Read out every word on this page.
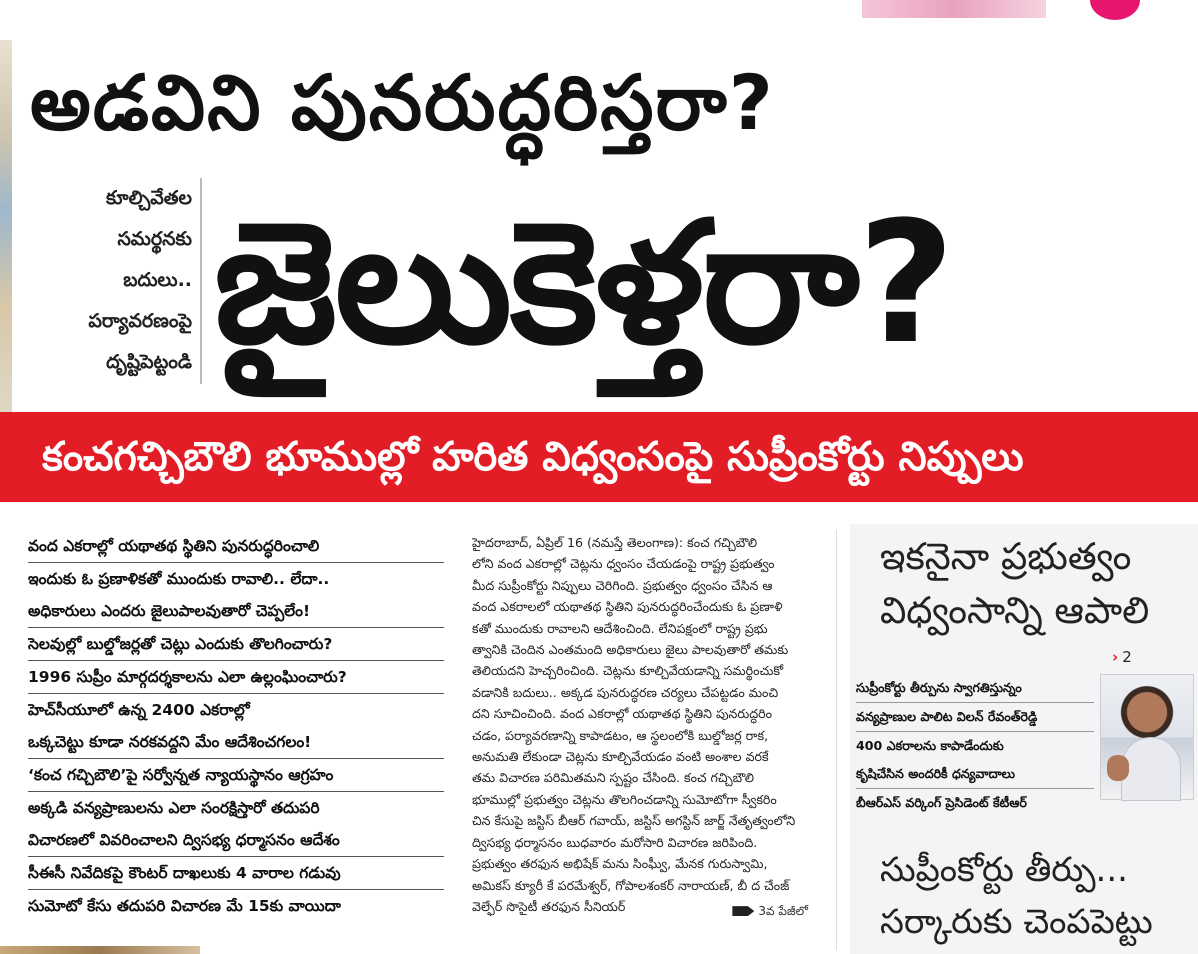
అడవిని పునరుద్ధరిస్తరా?
కూల్చివేతల
సమర్థనకు
బదులు..
పర్యావరణంపై
దృష్టిపెట్టండి జైలుకెళ్తరా?
కంచగచ్చిబౌలి భూముల్లో హరిత విధ్వంసంపై సుప్రీంకోర్టు నిప్పులు
వంద ఎకరాల్లో యథాతథ స్థితిని పునరుద్ధరించాలి
ఇందుకు ఓ ప్రణాళికతో ముందుకు రావాలి.. లేదా..
అధికారులు ఎందరు జైలుపాలవుతారో చెప్పలేం!
సెలవుల్లో బుల్డోజర్లతో చెట్లు ఎందుకు తొలగించారు?
1996 సుప్రీం మార్గదర్శకాలను ఎలా ఉల్లంఘించారు?
హెచ్‌సీయూలో ఉన్న 2400 ఎకరాల్లో
ఒక్కచెట్టు కూడా నరకవద్దని మేం ఆదేశించగలం!
‘కంచ గచ్చిబౌలి’పై సర్వోన్నత న్యాయస్థానం ఆగ్రహం
అక్కడి వన్యప్రాణులను ఎలా సంరక్షిస్తారో తదుపరి
విచారణలో వివరించాలని ద్విసభ్య ధర్మాసనం ఆదేశం
సీఈసీ నివేదికపై కౌంటర్ దాఖలుకు 4 వారాల గడువు
సుమోటో కేసు తదుపరి విచారణ మే 15కు వాయిదా
హైదరాబాద్, ఏప్రిల్ 16 (నమస్తే తెలంగాణ): కంచ గచ్చిబౌలి
లోని వంద ఎకరాల్లో చెట్లను ధ్వంసం చేయడంపై రాష్ట్ర ప్రభుత్వం
మీద సుప్రీంకోర్టు నిప్పులు చెరిగింది. ప్రభుత్వం ధ్వంసం చేసిన ఆ
వంద ఎకరాలలో యథాతథ స్థితిని పునరుద్ధరించేందుకు ఓ ప్రణాళి
కతో ముందుకు రావాలని ఆదేశించింది. లేనిపక్షంలో రాష్ట్ర ప్రభు
త్వానికి చెందిన ఎంతమంది అధికారులు జైలు పాలవుతారో తమకు
తెలియదని హెచ్చరించింది. చెట్లను కూల్చివేయడాన్ని సమర్థించుకో
వడానికి బదులు.. అక్కడ పునరుద్ధరణ చర్యలు చేపట్టడం మంచి
దని సూచించింది. వంద ఎకరాల్లో యథాతథ స్థితిని పునరుద్ధరిం
చడం, పర్యావరణాన్ని కాపాడటం, ఆ స్థలంలోకి బుల్డోజర్ల రాక,
అనుమతి లేకుండా చెట్లను కూల్చివేయడం వంటి అంశాల వరకే
తమ విచారణ పరిమితమని స్పష్టం చేసింది. కంచ గచ్చిబౌలి
భూముల్లో ప్రభుత్వం చెట్లను తొలగించడాన్ని సుమోటోగా స్వీకరిం
చిన కేసుపై జస్టిస్ బీఆర్ గవాయ్, జస్టిస్ అగస్టిన్ జార్జ్ నేతృత్వంలోని
ద్విసభ్య ధర్మాసనం బుధవారం మరోసారి విచారణ జరిపింది.
ప్రభుత్వం తరఫున అభిషేక్ మను సింఘ్వీ, మేనక గురుస్వామి,
అమికస్ క్యూరీ కే పరమేశ్వర్, గోపాలశంకర్ నారాయణ్, బీ ద చేంజ్
వెల్ఫేర్ సొసైటీ తరఫున సీనియర్	3వ పేజీలో
ఇకనైనా ప్రభుత్వం
విధ్వంసాన్ని ఆపాలి
› 2
సుప్రీంకోర్టు తీర్పును స్వాగతిస్తున్నం
వన్యప్రాణుల పాలిట విలన్ రేవంత్‌రెడ్డి
400 ఎకరాలను కాపాడేందుకు
కృషిచేసిన అందరికీ ధన్యవాదాలు
బీఆర్ఎస్ వర్కింగ్ ప్రెసిడెంట్ కేటీఆర్
సుప్రీంకోర్టు తీర్పు...
సర్కారుకు చెంపపెట్టు
